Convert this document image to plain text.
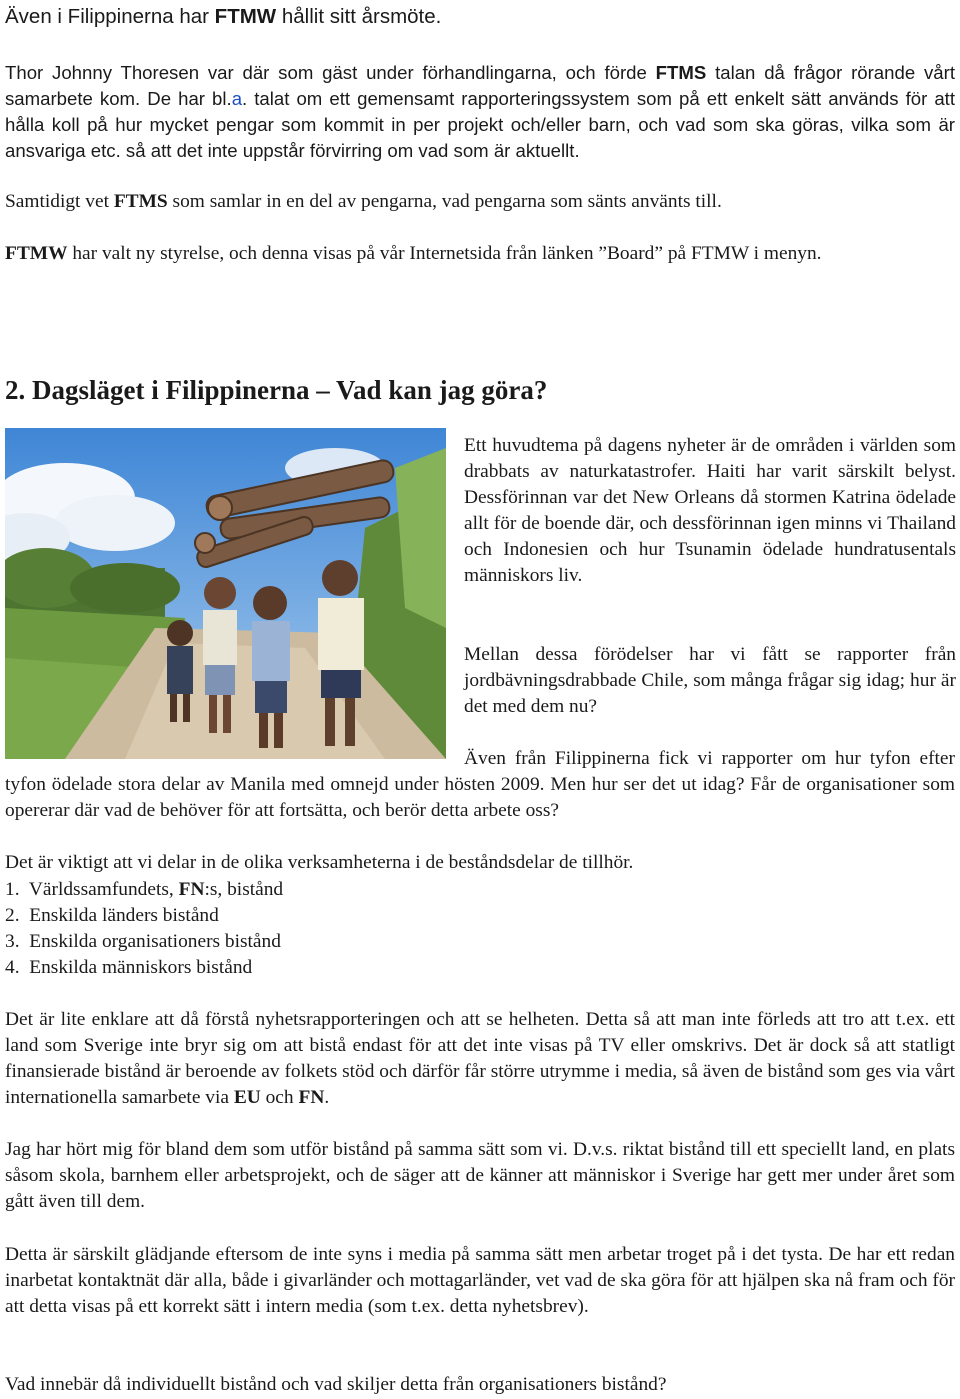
Även i Filippinerna har FTMW hållit sitt årsmöte.

Thor Johnny Thoresen var där som gäst under förhandlingarna, och förde FTMS talan då frågor rörande vårt samarbete kom. De har bl.a. talat om ett gemensamt rapporteringssystem som på ett enkelt sätt används för att hålla koll på hur mycket pengar som kommit in per projekt och/eller barn, och vad som ska göras, vilka som är ansvariga etc. så att det inte uppstår förvirring om vad som är aktuellt.

Samtidigt vet FTMS som samlar in en del av pengarna, vad pengarna som sänts använts till.

FTMW har valt ny styrelse, och denna visas på vår Internetsida från länken ”Board” på FTMW i menyn.

2. Dagsläget i Filippinerna – Vad kan jag göra?

Ett huvudtema på dagens nyheter är de områden i världen som drabbats av naturkatastrofer. Haiti har varit särskilt belyst. Dessförinnan var det New Orleans då stormen Katrina ödelade allt för de boende där, och dessförinnan igen minns vi Thailand och Indonesien och hur Tsunamin ödelade hundratusentals människors liv.

Mellan dessa förödelser har vi fått se rapporter från jordbävningsdrabbade Chile, som många frågar sig idag; hur är det med dem nu?

Även från Filippinerna fick vi rapporter om hur tyfon efter tyfon ödelade stora delar av Manila med omnejd under hösten 2009. Men hur ser det ut idag? Får de organisationer som opererar där vad de behöver för att fortsätta, och berör detta arbete oss?

Det är viktigt att vi delar in de olika verksamheterna i de beståndsdelar de tillhör.

1. Världssamfundets, FN:s, bistånd
2. Enskilda länders bistånd
3. Enskilda organisationers bistånd
4. Enskilda människors bistånd

Det är lite enklare att då förstå nyhetsrapporteringen och att se helheten. Detta så att man inte förleds att tro att t.ex. ett land som Sverige inte bryr sig om att bistå endast för att det inte visas på TV eller omskrivs. Det är dock så att statligt finansierade bistånd är beroende av folkets stöd och därför får större utrymme i media, så även de bistånd som ges via vårt internationella samarbete via EU och FN.

Jag har hört mig för bland dem som utför bistånd på samma sätt som vi. D.v.s. riktat bistånd till ett speciellt land, en plats såsom skola, barnhem eller arbetsprojekt, och de säger att de känner att människor i Sverige har gett mer under året som gått även till dem.

Detta är särskilt glädjande eftersom de inte syns i media på samma sätt men arbetar troget på i det tysta. De har ett redan inarbetat kontaktnät där alla, både i givarländer och mottagarländer, vet vad de ska göra för att hjälpen ska nå fram och för att detta visas på ett korrekt sätt i intern media (som t.ex. detta nyhetsbrev).

Vad innebär då individuellt bistånd och vad skiljer detta från organisationers bistånd?
